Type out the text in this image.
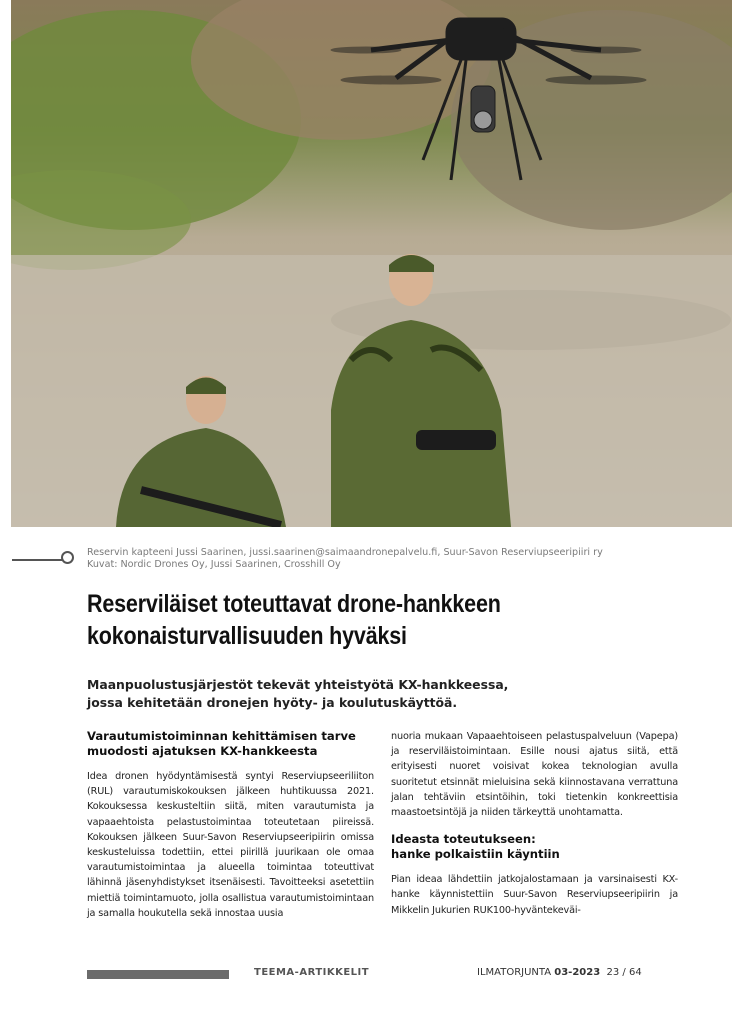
Reservin kapteeni Jussi Saarinen, jussi.saarinen@saimaandronepalvelu.fi, Suur-Savon Reserviupseeripiiri ry
Kuvat: Nordic Drones Oy, Jussi Saarinen, Crosshill Oy
Reserviläiset toteuttavat drone-hankkeen
kokonaisturvallisuuden hyväksi
Maanpuolustusjärjestöt tekevät yhteistyötä KX-hankkeessa,
jossa kehitetään dronejen hyöty- ja koulutuskäyttöä.
Varautumistoiminnan kehittämisen tarve
muodosti ajatuksen KX-hankkeesta

Idea dronen hyödyntämisestä syntyi Reserviupseeriliiton (RUL) varautumiskokouksen jälkeen huhtikuussa 2021. Kokouksessa keskusteltiin siitä, miten varautumista ja vapaaehtoista pelastustoimintaa toteutetaan piireissä. Kokouksen jälkeen Suur-Savon Reserviupseeripiirin omissa keskusteluissa todettiin, ettei piirillä juurikaan ole omaa varautumistoimintaa ja alueella toimintaa toteuttivat lähinnä jäsenyhdistykset itsenäisesti. Tavoitteeksi asetettiin miettiä toimintamuoto, jolla osallistua varautumistoimintaan ja samalla houkutella sekä innostaa uusia

nuoria mukaan Vapaaehtoiseen pelastuspalveluun (Vapepa) ja reserviläistoimintaan. Esille nousi ajatus siitä, että erityisesti nuoret voisivat kokea teknologian avulla suoritetut etsinnät mieluisina sekä kiinnostavana verrattuna jalan tehtäviin etsintöihin, toki tietenkin konkreettisia maastoetsintöjä ja niiden tärkeyttä unohtamatta.

Ideasta toteutukseen:
hanke polkaistiin käyntiin

Pian ideaa lähdettiin jatkojalostamaan ja varsinaisesti KX-hanke käynnistettiin Suur-Savon Reserviupseeripiirin ja Mikkelin Jukurien RUK100-hyväntekeväi-

TEEMA-ARTIKKELIT	ILMATORJUNTA 03-2023 23 / 64
